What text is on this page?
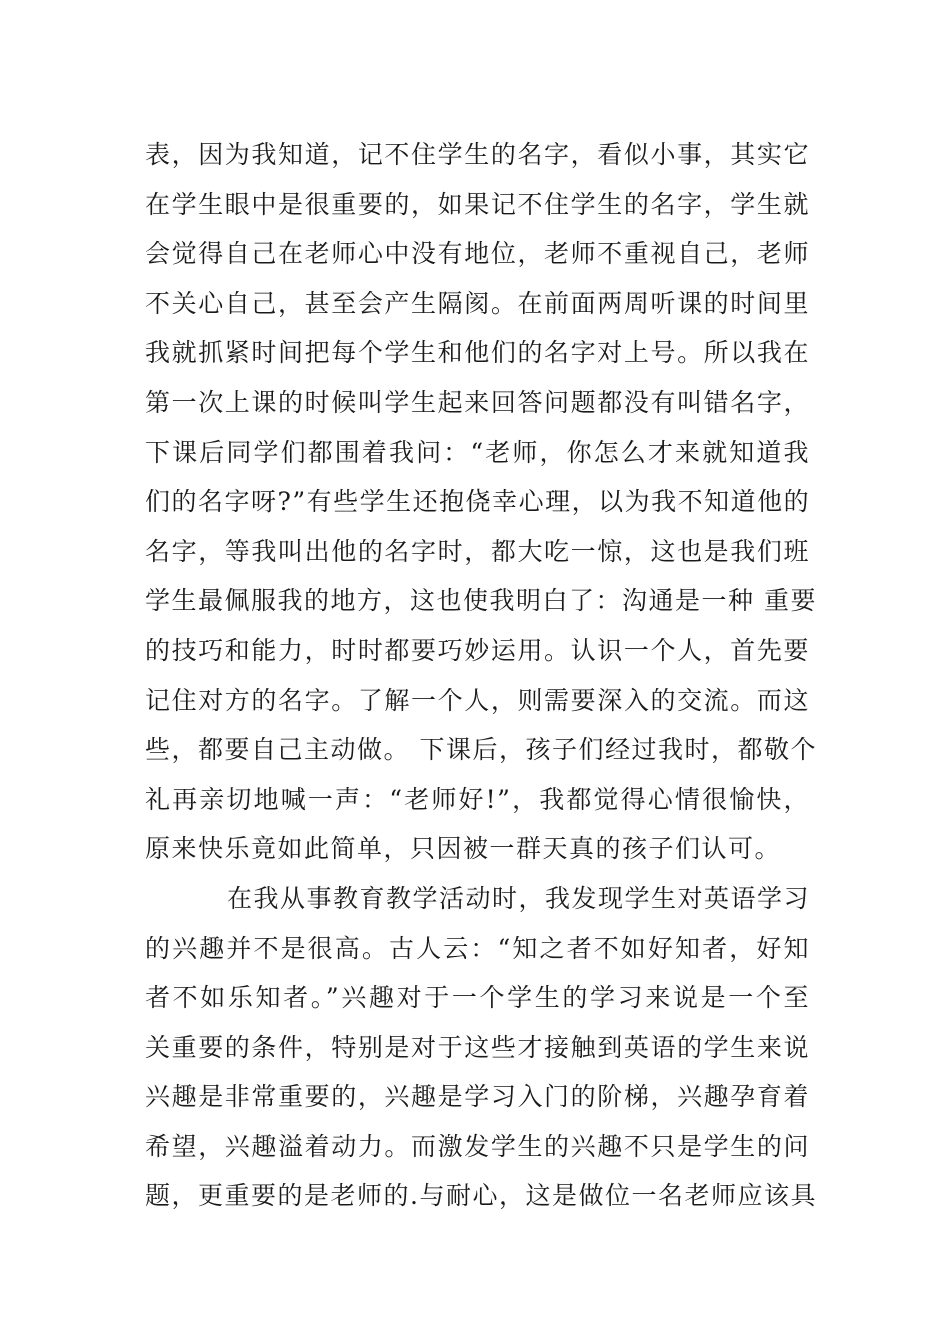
表，因为我知道，记不住学生的名字，看似小事，其实它
在学生眼中是很重要的，如果记不住学生的名字，学生就
会觉得自己在老师心中没有地位，老师不重视自己，老师
不关心自己，甚至会产生隔阂。在前面两周听课的时间里
我就抓紧时间把每个学生和他们的名字对上号。所以我在
第一次上课的时候叫学生起来回答问题都没有叫错名字，
下课后同学们都围着我问：“老师，你怎么才来就知道我
们的名字呀?”有些学生还抱侥幸心理，以为我不知道他的
名字，等我叫出他的名字时，都大吃一惊，这也是我们班
学生最佩服我的地方，这也使我明白了：沟通是一种 重要
的技巧和能力，时时都要巧妙运用。认识一个人，首先要
记住对方的名字。了解一个人，则需要深入的交流。而这
些，都要自己主动做。 下课后，孩子们经过我时，都敬个
礼再亲切地喊一声：“老师好!”，我都觉得心情很愉快，
原来快乐竟如此简单，只因被一群天真的孩子们认可。
在我从事教育教学活动时，我发现学生对英语学习
的兴趣并不是很高。古人云：“知之者不如好知者，好知
者不如乐知者。”兴趣对于一个学生的学习来说是一个至
关重要的条件，特别是对于这些才接触到英语的学生来说
兴趣是非常重要的，兴趣是学习入门的阶梯，兴趣孕育着
希望，兴趣溢着动力。而激发学生的兴趣不只是学生的问
题，更重要的是老师的.与耐心，这是做位一名老师应该具
